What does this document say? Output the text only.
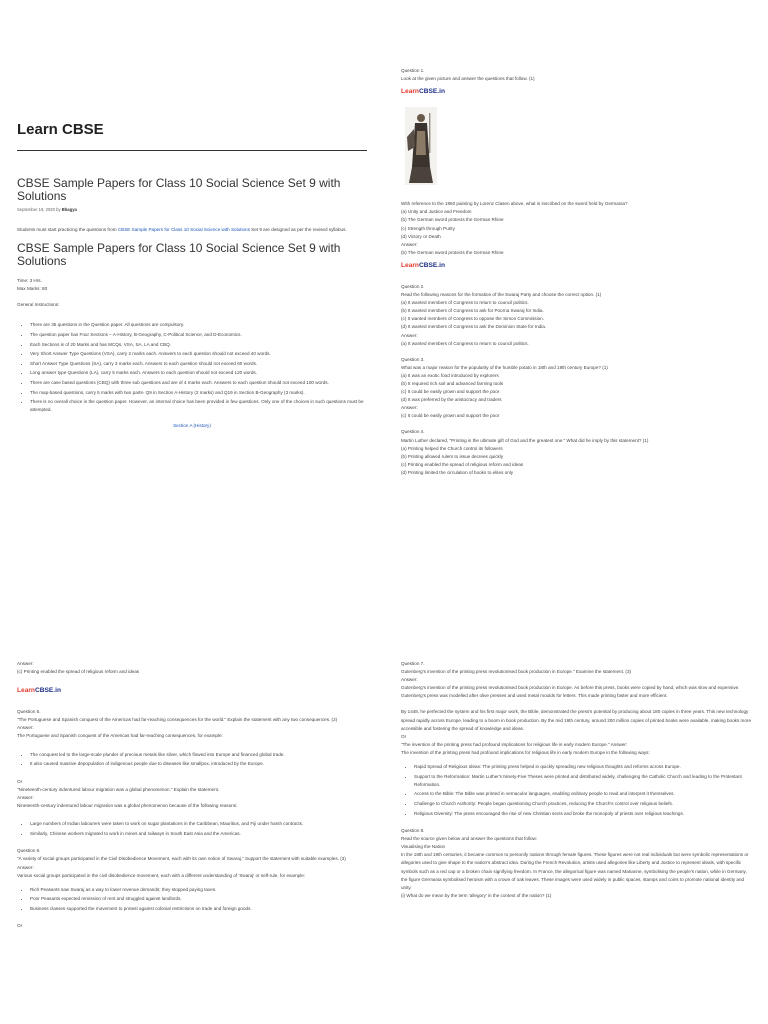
Learn CBSE
CBSE Sample Papers for Class 10 Social Science Set 9 with Solutions
September 19, 2020 by Bhagya
Students must start practicing the questions from CBSE Sample Papers for Class 10 Social Science with Solutions Set 9 are designed as per the revised syllabus.
CBSE Sample Papers for Class 10 Social Science Set 9 with Solutions

Time: 3 Hrs.

Max Marks: 80

General Instructions:

• There are 35 questions in the Question paper. All questions are compulsory.
• The question paper has Four Sections – A-History, B-Geography, C-Political Science, and D-Economics.
• Each Sections is of 20 Marks and has MCQs, VSA, SA, LA and CBQ.
• Very Short Answer Type Questions (VSA), carry 2 marks each. Answers to each question should not exceed 40 words.
• Short Answer Type Questions (SA), carry 3 marks each. Answers to each question should not exceed 60 words.
• Long answer type Questions (LA), carry 5 marks each. Answers to each question should not exceed 120 words.
• There are case based questions (CBQ) with three sub questions and are of 4 marks each. Answers to each question should not exceed 100 words.
• The map-based questions, carry 5 marks with two parts- Q9 in Section A-History (2 marks) and Q19 in Section B-Geography (3 marks).
• There is no overall choice in the question paper. However, an internal choice has been provided in few questions. Only one of the choices in such questions must be attempted.
Section A (History)

Question 1.

Look at the given picture and answer the questions that follow. (1)

LearnCBSE.in

With reference to the 1860 painting by Lorenz Clasen above, what is inscribed on the sword held by Germania?

(a) Unity and Justice and Freedom

(b) The German sword protects the German Rhine

(c) Strength through Purity

(d) Victory or Death

Answer:

(b) The German sword protects the German Rhine

LearnCBSE.in

Question 2.

Read the following reasons for the formation of the Swaraj Party and choose the correct option. (1)

(a) It wanted members of Congress to return to council politics.

(b) It wanted members of Congress to ask for Poorna Swaraj for India.

(c) It wanted members of Congress to oppose the Simon Commission.

(d) It wanted members of Congress to ask the Dominion State for India.

Answer:

(a) It wanted members of Congress to return to council politics.

Question 3.

What was a major reason for the popularity of the humble potato in 18th and 19th century Europe? (1)

(a) It was an exotic food introduced by explorers

(b) It required rich soil and advanced farming tools

(c) It could be easily grown and support the poor

(d) It was preferred by the aristocracy and traders

Answer:

(c) It could be easily grown and support the poor

Question 4.

Martin Luther declared, "Printing is the ultimate gift of God and the greatest one." What did he imply by this statement? (1)

(a) Printing helped the Church control its followers

(b) Printing allowed rulers to issue decrees quickly

(c) Printing enabled the spread of religious reform and ideas

(d) Printing limited the circulation of books to elites only

Answer:

(c) Printing enabled the spread of religious reform and ideas

LearnCBSE.in

Question 5.

"The Portuguese and Spanish conquest of the Americas had far-reaching consequences for the world." Explain the statement with any two consequences. (2)

Answer:

The Portuguese and Spanish conquest of the Americas had far-reaching consequences, for example:

• The conquest led to the large-scale plunder of precious metals like silver, which flowed into Europe and financed global trade.
• It also caused massive depopulation of indigenous people due to diseases like smallpox, introduced by the Europe.

Or

"Nineteenth-century indentured labour migration was a global phenomenon." Explain the statement.

Answer:

Nineteenth-century indentured labour migration was a global phenomenon because of the following reasons:

• Large numbers of Indian labourers were taken to work on sugar plantations in the Caribbean, Mauritius, and Fiji under harsh contracts.
• Similarly, Chinese workers migrated to work in mines and railways in South East Asia and the Americas.

Question 6.

"A variety of social groups participated in the Civil Disobedience Movement, each with its own notion of Swaraj." Support the statement with suitable examples. (3)

Answer:

Various social groups participated in the civil disobedience movement, each with a different understanding of 'Swaraj' or self-rule, for example:

• Rich Peasants saw Swaraj as a way to lower revenue demands; they stopped paying taxes.
• Poor Peasants expected remission of rent and struggled against landlords.
• Business classes supported the movement to protest against colonial restrictions on trade and foreign goods.

Or

Question 7.

Gutenberg's invention of the printing press revolutionised book production in Europe." Examine the statement. (3)

Answer:

Gutenberg's invention of the printing press revolutionised book production in Europe. As before this press, books were copied by hand, which was slow and expensive. Gutenberg's press was modelled after olive presses and used metal moulds for letters. This made printing faster and more efficient.

By 1448, he perfected the system and his first major work, the Bible, demonstrated the press's potential by producing about 180 copies in three years. This new technology spread rapidly across Europe, leading to a boom in book production. By the mid 16th century, around 200 million copies of printed books were available, making books more accessible and fostering the spread of knowledge and ideas.

Or

"The invention of the printing press had profound implications for religious life in early modern Europe." Answer:

The invention of the printing press had profound implications for religious life in early modern Europe in the following ways:

• Rapid Spread of Religious Ideas: The printing press helped in quickly spreading new religious thoughts and reforms across Europe.
• Support to the Reformation: Martin Luther's Ninety-Five Theses were printed and distributed widely, challenging the Catholic Church and leading to the Protestant Reformation.
• Access to the Bible: The Bible was printed in vernacular languages, enabling ordinary people to read and interpret it themselves.
• Challenge to Church Authority: People began questioning Church practices, reducing the Church's control over religious beliefs.
• Religious Diversity: The press encouraged the rise of new Christian sects and broke the monopoly of priests over religious teachings.

Question 8.

Read the source given below and answer the questions that follow:

Visualising the Nation

In the 18th and 19th centuries, it became common to personify nations through female figures. These figures were not real individuals but were symbolic representations or allegories used to give shape to the nation's abstract idea. During the French Revolution, artists used allegories like Liberty and Justice to represent ideals, with specific symbols such as a red cap or a broken chain signifying freedom. In France, the allegorical figure was named Marianne, symbolising the people's nation, while in Germany, the figure Germania symbolised heroism with a crown of oak leaves. These images were used widely in public spaces, stamps and coins to promote national identity and unity.

(i) What do we mean by the term 'allegory' in the context of the nation? (1)
